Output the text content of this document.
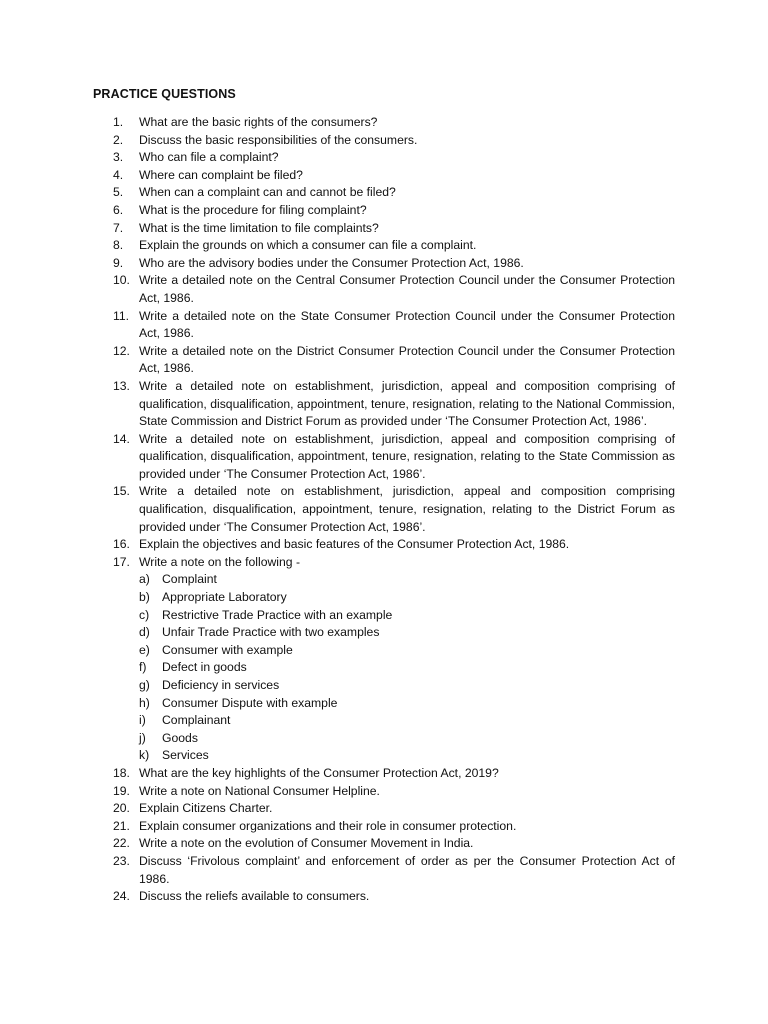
PRACTICE QUESTIONS
1.	What are the basic rights of the consumers?
2.	Discuss the basic responsibilities of the consumers.
3.	Who can file a complaint?
4.	Where can complaint be filed?
5.	When can a complaint can and cannot be filed?
6.	What is the procedure for filing complaint?
7.	What is the time limitation to file complaints?
8.	Explain the grounds on which a consumer can file a complaint.
9.	Who are the advisory bodies under the Consumer Protection Act, 1986.
10. Write a detailed note on the Central Consumer Protection Council under the Consumer Protection Act, 1986.
11. Write a detailed note on the State Consumer Protection Council under the Consumer Protection Act, 1986.
12. Write a detailed note on the District Consumer Protection Council under the Consumer Protection Act, 1986.
13. Write a detailed note on establishment, jurisdiction, appeal and composition comprising of qualification, disqualification, appointment, tenure, resignation, relating to the National Commission, State Commission and District Forum as provided under ‘The Consumer Protection Act, 1986’.
14. Write a detailed note on establishment, jurisdiction, appeal and composition comprising of qualification, disqualification, appointment, tenure, resignation, relating to the State Commission as provided under ‘The Consumer Protection Act, 1986’.
15. Write a detailed note on establishment, jurisdiction, appeal and composition comprising qualification, disqualification, appointment, tenure, resignation, relating to the District Forum as provided under ‘The Consumer Protection Act, 1986’.
16. Explain the objectives and basic features of the Consumer Protection Act, 1986.
17. Write a note on the following -
a) Complaint
b) Appropriate Laboratory
c)	Restrictive Trade Practice with an example
d) Unfair Trade Practice with two examples
e) Consumer with example
f)	Defect in goods
g) Deficiency in services
h) Consumer Dispute with example
i)	Complainant
j)	Goods
k)	Services
18. What are the key highlights of the Consumer Protection Act, 2019?
19. Write a note on National Consumer Helpline.
20. Explain Citizens Charter.
21. Explain consumer organizations and their role in consumer protection.
22. Write a note on the evolution of Consumer Movement in India.
23. Discuss ‘Frivolous complaint’ and enforcement of order as per the Consumer Protection Act of 1986.
24. Discuss the reliefs available to consumers.
